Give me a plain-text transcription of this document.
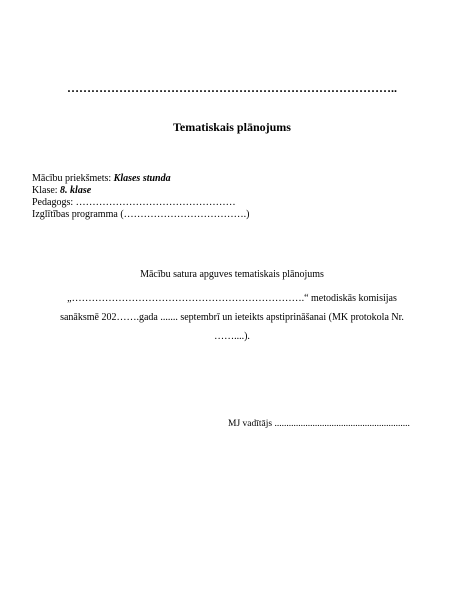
………………………………………………………………………..
Tematiskais plānojums
Mācību priekšmets: Klases stunda
Klase: 8. klase
Pedagogs: …………………………………………
Izglītības programma (……………………………….)
Mācību satura apguves tematiskais plānojums
„…………………………………………………………….“ metodiskās komisijas
sanāksmē 202…….gada ....... septembrī un ieteikts apstiprināšanai (MK protokola Nr.
……....).
MJ vadītājs .........................................................
